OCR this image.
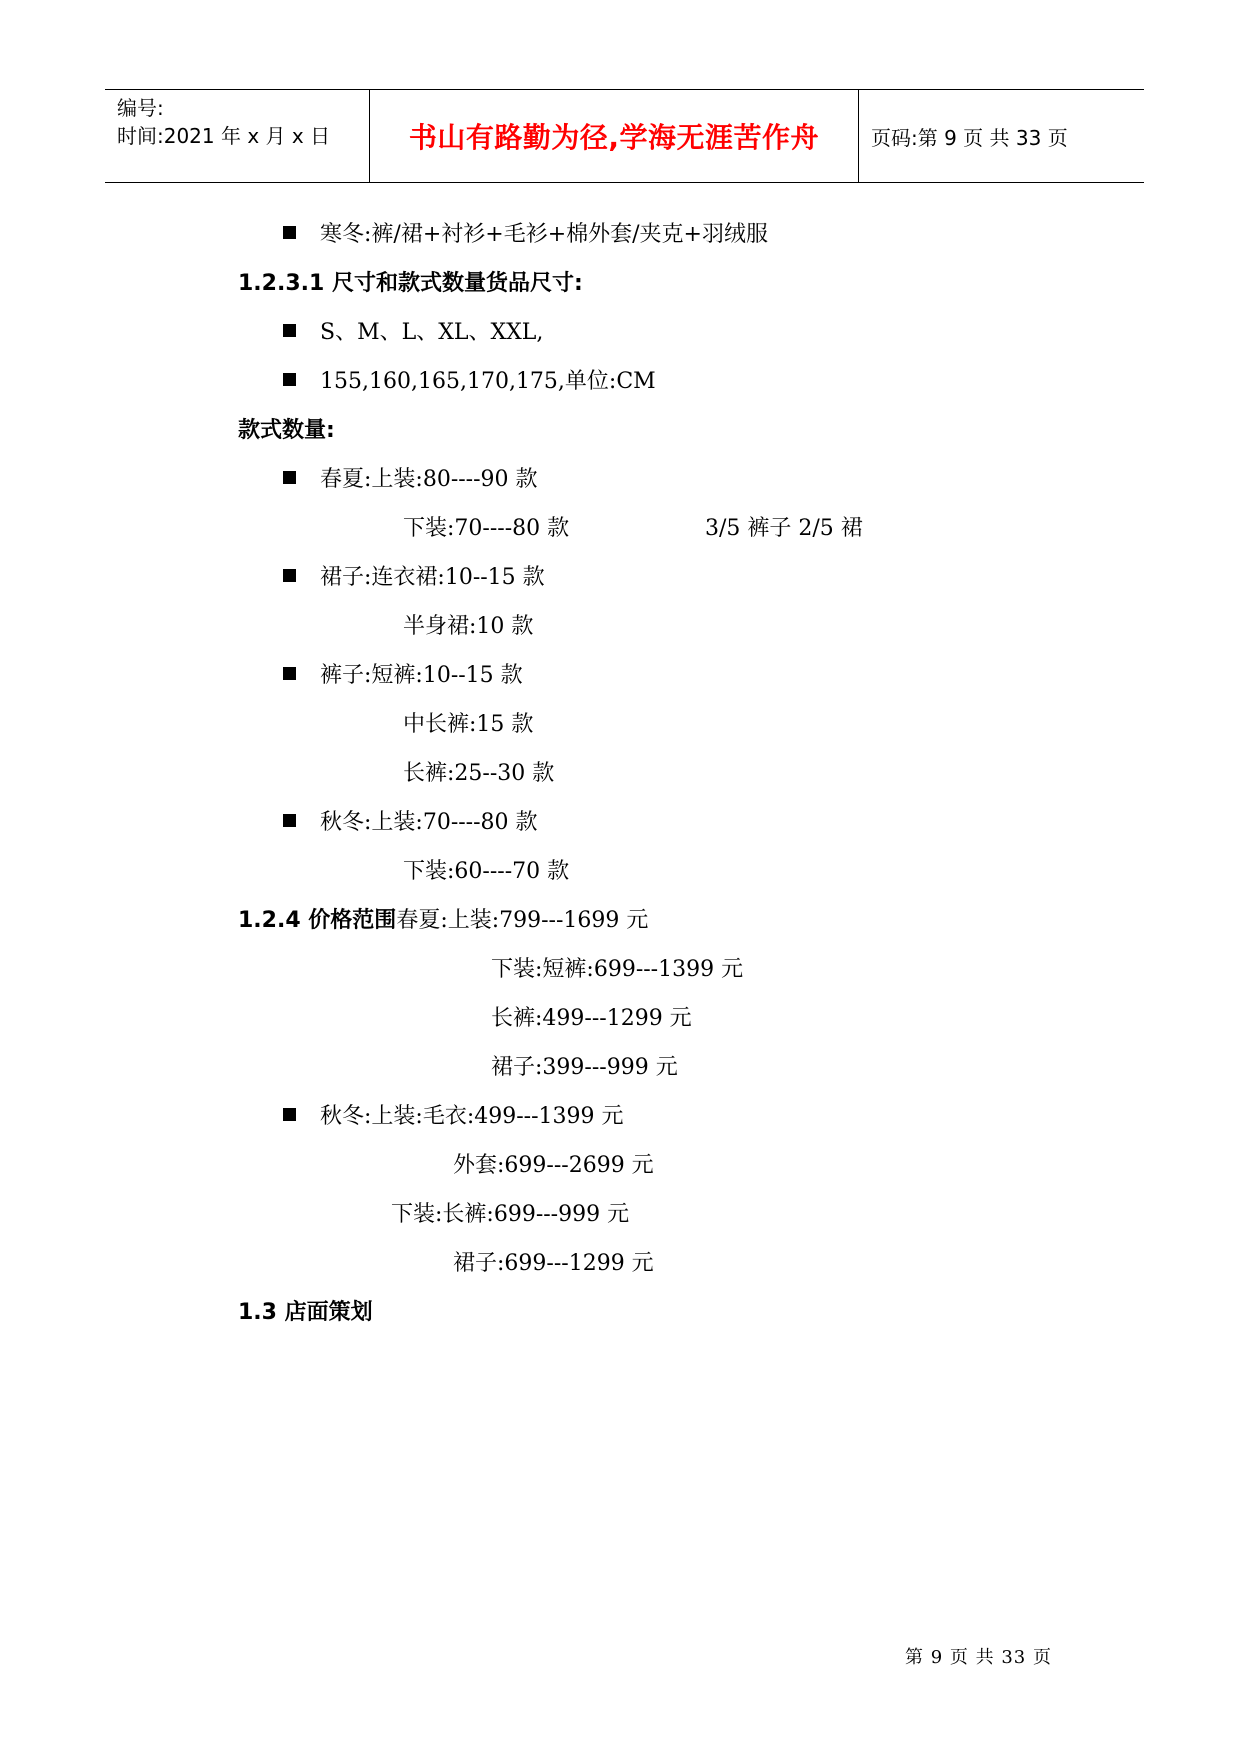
编号:
时间:2021 年 x 月 x 日	书山有路勤为径,学海无涯苦作舟	页码:第 9 页 共 33 页
寒冬:裤/裙+衬衫+毛衫+棉外套/夹克+羽绒服
1.2.3.1 尺寸和款式数量货品尺寸:
S、M、L、XL、XXL,
155,160,165,170,175,单位:CM
款式数量:
春夏:上装:80----90 款
下装:70----80 款	3/5 裤子 2/5 裙
裙子:连衣裙:10--15 款
半身裙:10 款
裤子:短裤:10--15 款
中长裤:15 款
长裤:25--30 款
秋冬:上装:70----80 款
下装:60----70 款
1.2.4 价格范围春夏:上装:799---1699 元
下装:短裤:699---1399 元
长裤:499---1299 元
裙子:399---999 元
秋冬:上装:毛衣:499---1399 元
外套:699---2699 元
下装:长裤:699---999 元
裙子:699---1299 元
1.3 店面策划
第 9 页 共 33 页
